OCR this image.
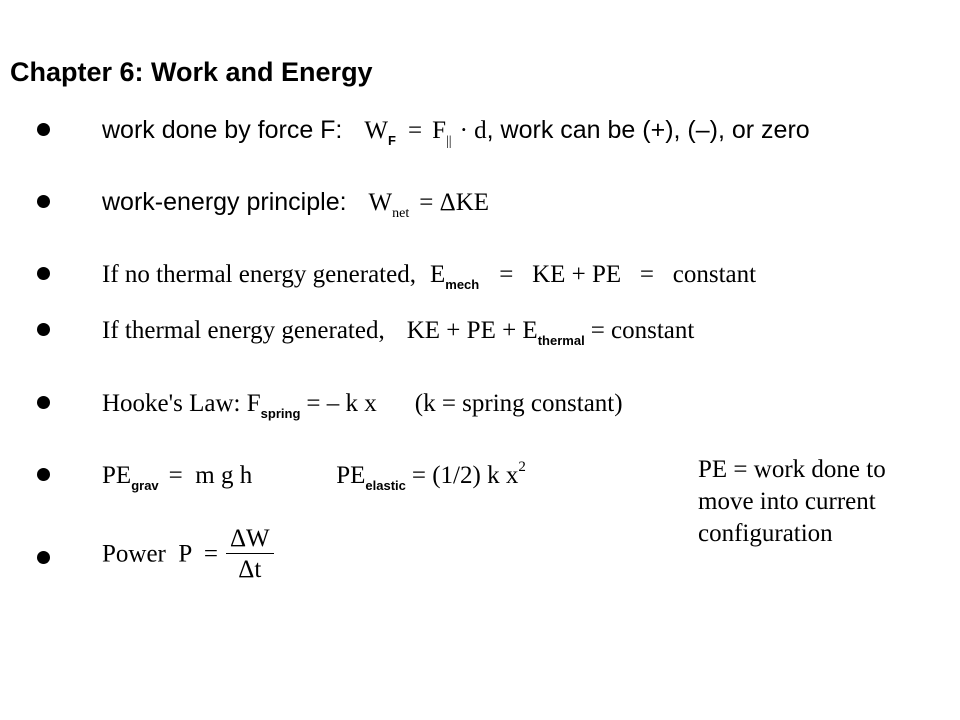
Chapter 6: Work and Energy
work done by force F: $W_F = F_{||} \cdot d$, work can be (+), (–), or zero
work-energy principle: $W_{net} = \Delta KE$
If no thermal energy generated, $E_{mech}$ =   KE + PE   =   constant
If thermal energy generated, KE + PE + $E_{thermal}$ = constant
Hooke's Law: $F_{spring}$ = – k x (k = spring constant)
$PE_{grav} = m$ g h	$PE_{elastic} = (1/2)$ k $x^2$
Power  $P = \frac{\Delta W}{\Delta t}$
PE = work done to move into current configuration
